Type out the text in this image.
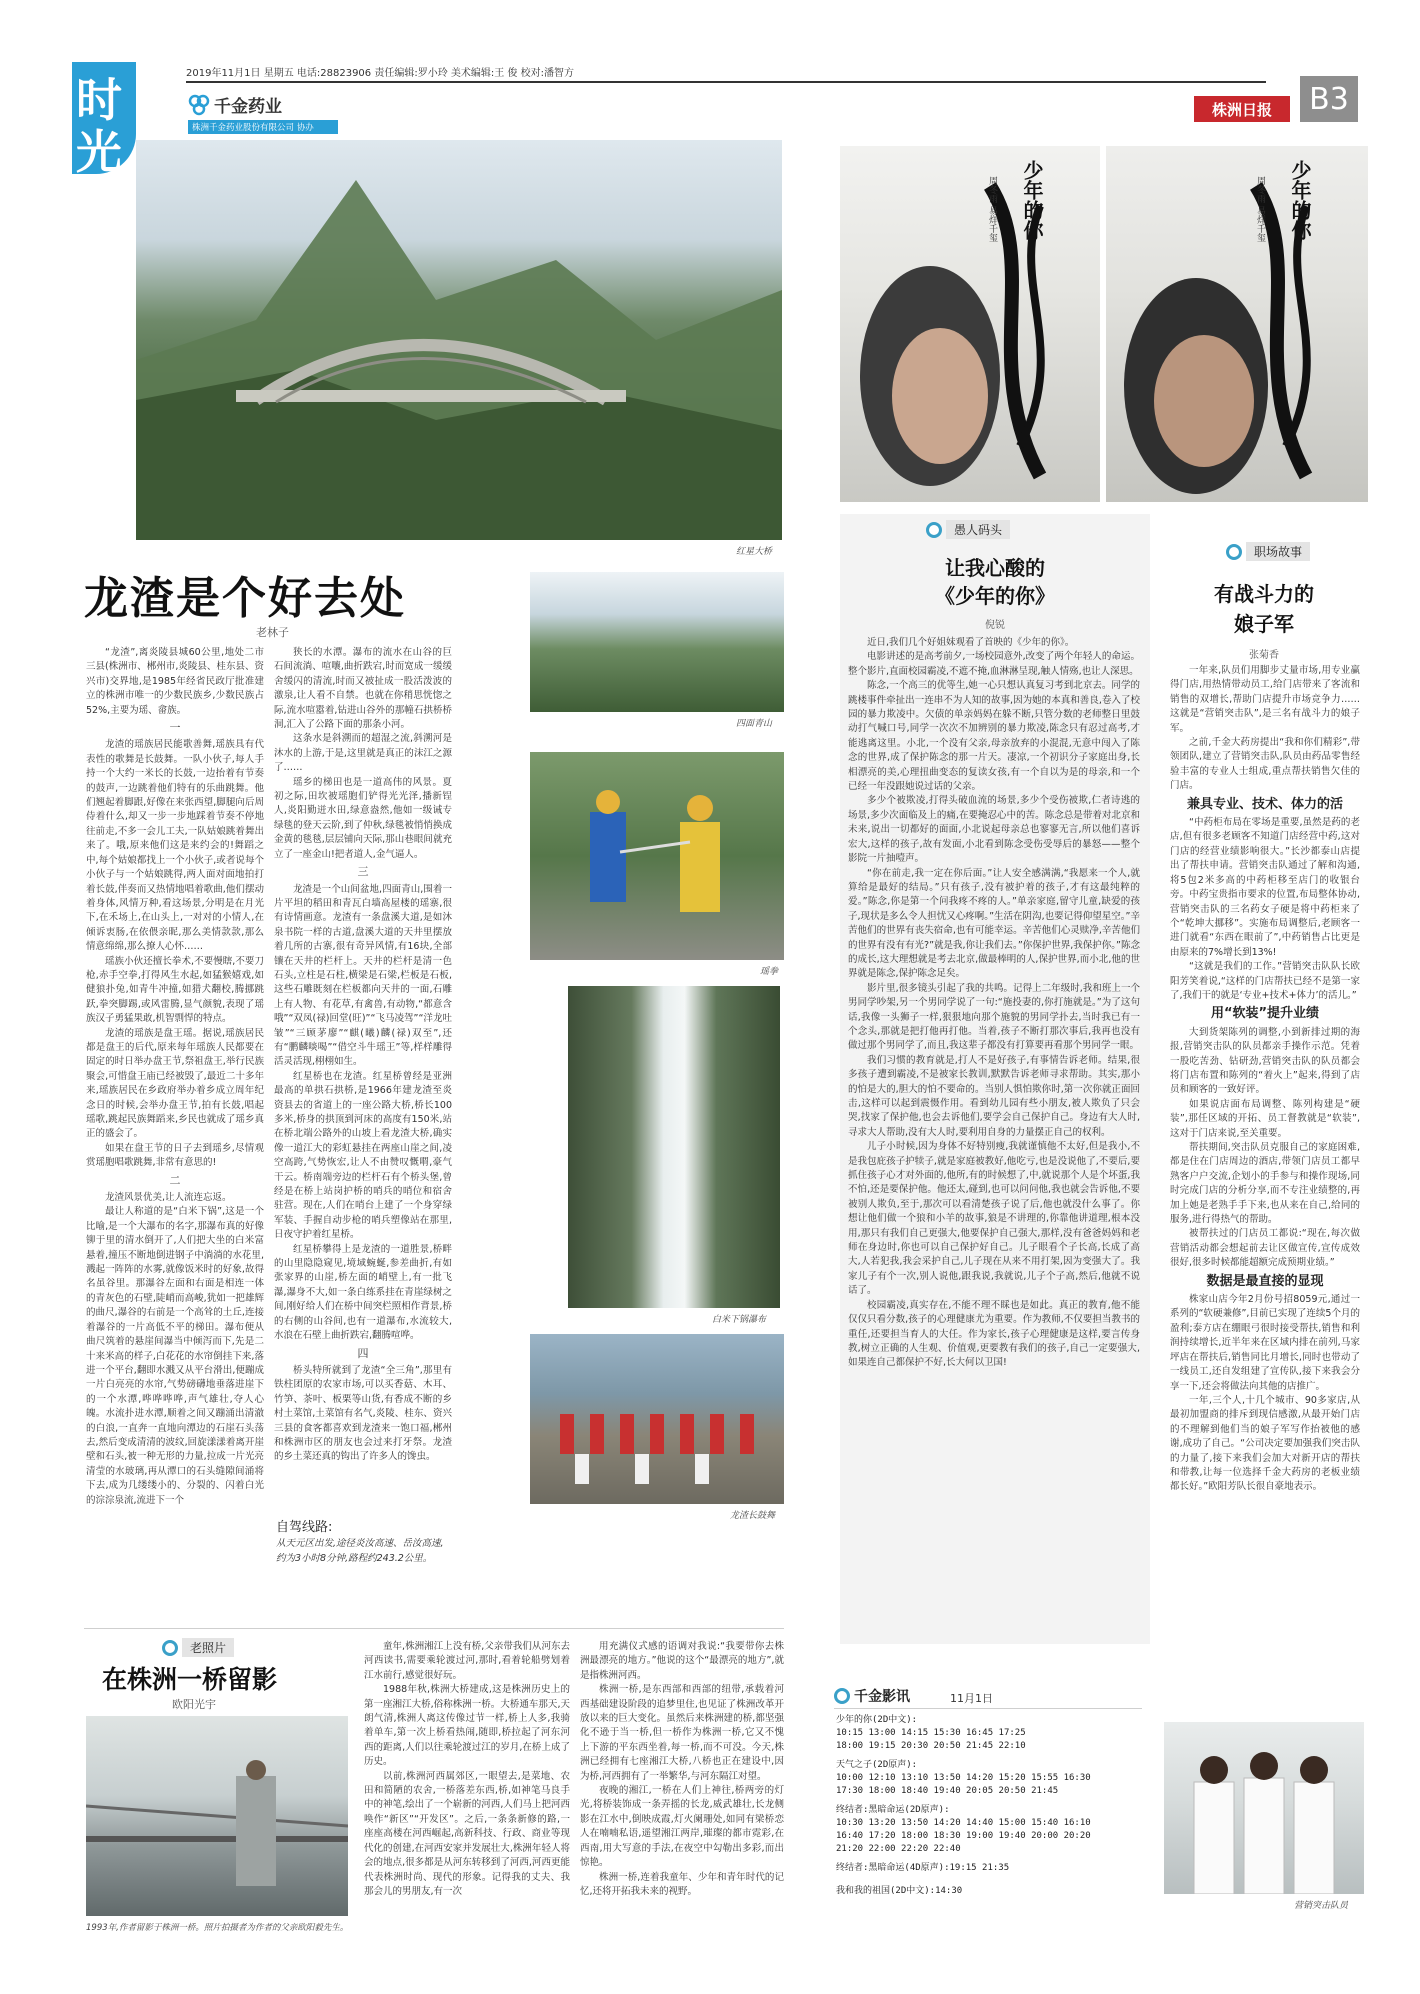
时
光
2019年11月1日 星期五 电话:28823906 责任编辑:罗小玲 美术编辑:王 俊 校对:潘智方
株洲日报	B3
千金药业
株洲千金药业股份有限公司 协办
红星大桥
龙渣是个好去处
老林子

“龙渣”,离炎陵县城60公里,地处二市三县(株洲市、郴州市,炎陵县、桂东县、资兴市)交界地,是1985年经省民政厅批准建立的株洲市唯一的少数民族乡,少数民族占52%,主要为瑶、畲族。

一

龙渣的瑶族居民能歌善舞,瑶族具有代表性的歌舞是长鼓舞。一队小伙子,每人手持一个大约一米长的长鼓,一边抬着有节奏的鼓声,一边跳着他们特有的乐曲跳舞。他们翘起着脚跟,好像在来张西望,脚腿向后周侍着什么,却又一步一步地踩着节奏不停地往前走,不多一会儿工夫,一队姑娘跳着舞出来了。哦,原来他们这是来约会的!舞蹈之中,每个姑娘都找上一个小伙子,或者说每个小伙子与一个姑娘跳得,两人面对面地拍打着长鼓,伴奏而又热情地唱着歌曲,他们摆动着身体,风情万种,看这场景,分明是在月光下,在禾场上,在山头上,一对对的小情人,在倾诉衷肠,在依偎亲昵,那么美情款款,那么情意绵绵,那么撩人心怀……

瑶族小伙还擅长拳术,不要慢瞎,不要刀枪,赤手空拳,打得风生水起,如猛猴嬉戏,如健狼扑兔,如青牛冲撞,如猎犬翻校,腾挪跳跃,拳突脚踢,或风雷腾,显气颜貌,表现了瑶族汉子勇猛果敢,机智剽悍的特点。

龙渣的瑶族是盘王瑶。据说,瑶族居民都是盘王的后代,原来每年瑶族人民都要在固定的时日举办盘王节,祭祖盘王,举行民族聚会,可惜盘王庙已经被毁了,最近二十多年来,瑶族居民在乡政府举办着乡成立周年纪念日的时候,会举办盘王节,拍有长鼓,唱起瑶歌,跳起民族舞蹈来,乡民也就成了瑶乡真正的盛会了。

如果在盘王节的日子去到瑶乡,尽情观赏瑶胞唱歌跳舞,非常有意思的!

二

龙渣风景优美,让人流连忘返。

最让人称道的是“白米下锅”,这是一个比喻,是一个大瀑布的名字,那瀑布真的好像铆于里的清水倒开了,人们把大坐的白米富悬着,撞压不断地倒进钢子中淌淌的水花里,溅起一阵阵的水雾,就像饭米时的好象,故得名虽谷里。那瀑谷左面和右面是相连一体的青灰色的石壁,陡峭而高峻,犹如一把雄辉的曲尺,瀑谷的右前是一个高耸的土丘,连接着瀑谷的一片高低不平的梯田。瀑布便从曲尺筑着的悬崖间瀑当中倾泻而下,先是二十来米高的样子,白花花的水帘倒挂下来,落进一个平台,翻即水溅又从平台滑出,便蹦成一片白亮亮的水帘,气势磅礴地垂落进崖下的一个水潭,哗哗哗哗,声气雄壮,夺人心魄。水流扑进水潭,顺着之间又蹦涌出清澈的白浪,一直奔一直地向潭边的石崖石头荡去,然后变成清清的波纹,回旋漾漾着离开崖壁和石头,被一种无形的力量,拉成一片光亮清莹的水玻璃,再从潭口的石头缝隙间涌将下去,成为几缕缕小的、分裂的、闪着白光的淙淙泉流,流进下一个

狭长的水潭。瀑布的流水在山谷的巨石间流淌、喧嚷,曲折跌宕,时而宽成一缓缓舍缓闪的清流,时而又被扯成一股活泼波的激泉,让人看不自禁。也就在你稍思恍惚之际,流水喧嚣着,钻进山谷外的那幢石拱桥桥洞,汇入了公路下面的那条小河。

这条水是斜溯而的超湿之流,斜溯河是沐水的上游,于是,这里就是真正的沫江之源了……

瑶乡的梯田也是一道高伟的风景。夏初之际,田坎被瑶胞们铲得光光泽,播新锃人,炎阳勤迸水田,绿意盎然,他如一级诫专绿毯的登天云阶,到了仲秋,绿毯被悄悄换成金黄的毯毯,层层铺向天际,那山巷眼间就充立了一座金山!把者道人,金气逼人。

三

龙渣是一个山间盆地,四面青山,围着一片平坦的稻田和青瓦白墙高屋楼的瑶寨,很有诗情画意。龙渣有一条盘溪大道,是如沐泉书院一样的古道,盘溪大道的天井里摆放着几所的古寨,很有奇异风情,有16块,全部镶在天井的栏杆上。天井的栏杆是清一色石头,立柱是石柱,横梁是石梁,栏板是石板,这些石雕既刻在栏板都向天井的一面,石雕上有人物、有花草,有禽兽,有动物,“都意含哦”“双凤(禄)回堂(旺)”“飞马凌驾”“洋龙吐皱”“三顾茅廖”“麒(曦)麟(禄)双至”,还有“鹏麟啖喝”“借空斗牛瑶王”等,样样雕得活灵活现,栩栩如生。

红星桥也在龙渣。红星桥曾经是亚洲最高的单拱石拱桥,是1966年建龙渣至炎资县去的省道上的一座公路大桥,桥长100多米,桥身的拱顶到河床的高度有150米,站在桥北端公路外的山坡上看龙渣大桥,确实像一道江大的彩虹悬挂在两座山崖之间,凌空高跨,气势恢宏,让人不由赞叹慨喟,豪气干云。桥南端旁边的栏杆石有个桥头堡,曾经是在桥上站岗护桥的哨兵的哨位和宿舍驻营。现在,人们在哨台上建了一个身穿绿军装、手握自动步枪的哨兵塑像站在那里,日夜守护着红星桥。

红星桥攀得上是龙渣的一道胜景,桥畔的山里隐隐窥见,境域蜿蜒,参差曲折,有如张家界的山崖,桥左面的峭壁上,有一批飞瀑,瀑身不大,如一条白练系挂在青崖绿树之间,刚好给人们在桥中间突栏照相作背景,桥的右侧的山谷间,也有一道瀑布,水流较大,水浪在石壁上曲折跌宕,翻腾喧哗。

四

桥头特所就到了龙渣“全三角”,那里有铁柱团原的农家市场,可以买香菇、木耳、竹笋、茶叶、板栗等山货,有香成不断的乡村土菜馆,土菜馆有名气,炎陵、桂东、资兴三县的食客都喜欢到龙渣来一饱口福,郴州和株洲市区的朋友也会过来打牙祭。龙渣的乡土菜还真的钩出了许多人的馋虫。

自驾线路:
从天元区出发,途径炎汝高速、岳汝高速,约为3小时8分钟,路程约243.2公里。
四面青山
瑶拳
白米下锅瀑布
龙渣长鼓舞
老照片
在株洲一桥留影
欧阳光宇
1993年,作者留影于株洲一桥。照片拍摄者为作者的父亲欧阳毅先生。

童年,株洲湘江上没有桥,父亲带我们从河东去河西读书,需要乘轮渡过河,那时,看着轮船劈划着江水前行,感觉很好玩。

1988年秋,株洲大桥建成,这是株洲历史上的第一座湘江大桥,俗称株洲一桥。大桥通车那天,天朗气清,株洲人离这传像过节一样,桥上人多,我骑着单车,第一次上桥看热闹,随即,桥拉起了河东河西的距离,人们以往乘轮渡过江的岁月,在桥上成了历史。

以前,株洲河西属郊区,一眼望去,是菜地、农田和简陋的农舍,一桥落差东西,桥,如神笔马良手中的神笔,绘出了一个崭新的河西,人们马上把河西唤作“新区”“开发区”。之后,一条条新修的路,一座座高楼在河西崛起,高新科技、行政、商业等现代化的创建,在河西安家并发展壮大,株洲年轻人将会的地点,很多都是从河东转移到了河西,河西更能代表株洲时尚、现代的形象。记得我的丈夫、我那会儿的男朋友,有一次

用充满仪式感的语调对我说:“我要带你去株洲最漂亮的地方。”他说的这个“最漂亮的地方”,就是指株洲河西。

株洲一桥,是东西部和西部的纽带,承载着河西基础建设阶段的追梦里住,也见证了株洲改革开放以来的巨大变化。虽然后来株洲建的桥,都坚强化不逊于当一桥,但一桥作为株洲一桥,它又不愧上下游的平东西坐着,每一桥,而不可没。今天,株洲已经拥有七座湘江大桥,八桥也正在建设中,因为桥,河西拥有了一举繁华,与河东隔江对望。

夜晚的湘江,一桥在人们上神往,桥两旁的灯光,将桥装饰成一条弄摇的长龙,威武雄壮,长龙侧影在江水中,倒映成霞,灯火阑珊处,如同有梁桥恋人在喃喃私语,遥望湘江两岸,璀璨的都市霓彩,在西南,用大写意的手法,在夜空中勾勒出多彩,而出惊艳。

株洲一桥,连着我童年、少年和青年时代的记忆,还将开拓我未来的视野。

少年的你
周冬雨 易烊千玺	少年的你
周冬雨 易烊千玺
愚人码头
让我心酸的
《少年的你》
倪锐

近日,我们几个好姐妹观看了首映的《少年的你》。

电影讲述的是高考前夕,一场校园意外,改变了两个年轻人的命运。整个影片,直面校园霸凌,不遮不掩,血淋淋呈现,触人情殇,也让人深思。

陈念,一个高三的优等生,她一心只想认真复习考到北京去。同学的跳楼事件牵扯出一连串不为人知的故事,因为她的本真和善良,卷入了校园的暴力欺凌中。欠债的单亲妈妈在躲不断,只管分数的老师整日里鼓动打气喊口号,同学一次次不加辨别的暴力欺凌,陈念只有忍过高考,才能逃离这里。小北,一个没有父亲,母亲放弃的小混混,无意中闯入了陈念的世界,成了保护陈念的那一片天。凄凉,一个初识分子家庭出身,长相漂亮的美,心理扭曲变态的复读女孩,有一个自以为是的母亲,和一个已经一年没跟她说过话的父亲。

多少个被欺凌,打得头破血流的场景,多少个受伤被欺,仁者诗逃的场景,多少次面临及上的痛,在要掩忍心中的苦。陈念总是带着对北京和未来,说出一切都好的面面,小北说起母亲总也寥寥无言,所以他们喜诉宏大,这样的孩子,故有发面,小北看到陈念受伤受辱后的暴怒——整个影院一片抽噎声。

“你在前走,我一定在你后面。”让人安全感满满,“我愿来一个人,就算给是最好的结局。”只有孩子,没有被护着的孩子,才有这最纯粹的爱。”陈念,你是第一个问我疼不疼的人。”单亲家庭,留守儿童,缺爱的孩子,现状是多么令人担忧又心疼啊。”生活在阴沟,也要记得仰望星空。”辛苦他们的世界有丧失宿命,也有可能幸运。辛苦他们心灵赎净,辛苦他们的世界有没有有光?”就是我,你让我们去。”你保护世界,我保护你。”陈念的成长,这大理想就是考去北京,做最棒明的人,保护世界,而小北,他的世界就是陈念,保护陈念足矣。

影片里,很多镜头引起了我的共鸣。记得上二年级时,我和班上一个男同学吵架,另一个男同学说了一句:“施投妻的,你打施就是。”为了这句话,我像一头狮子一样,狠狠地向那个施貌的男同学扑去,当时我已有一个念头,那就是把打他再打他。当着,孩子不断打那次事后,我再也没有做过那个男同学了,而且,我这辈子都没有打算要再看那个男同学一眼。

我们习惯的教育就是,打人不是好孩子,有事情告诉老师。结果,很多孩子遭到霸凌,不是被家长教训,默默告诉老师寻求帮助。其实,那小的怕是大的,胆大的怕不要命的。当别人惧怕欺你时,第一次你就正面回击,这样可以起到震慑作用。看到幼儿园有些小朋友,被人欺负了只会哭,找家了保护他,也会去诉他们,要学会自己保护自己。身边有大人时,寻求大人帮助,没有大人时,要利用自身的力量摆正自己的权利。

儿子小时候,因为身体不好特别瘦,我就谨慎他不太好,但是我小,不是我包庇孩子护犊子,就是家庭被教好,他吃亏,也是没说他了,不要后,要抓住孩子心才对外面的,他所,有的时候想了,中,就说那个人是个坏蛋,我不怕,还是要保护他。他还太,碰到,也可以问问他,我也就会告诉他,不要被别人欺负,至于,那次可以看清楚孩子说了后,他也就没什么事了。你想让他们做一个狼和小羊的故事,狼是不讲理的,你靠他讲道理,根本没用,那只有我们自己更强大,他要保护自己强大,那样,没有爸爸妈妈和老师在身边时,你也可以自己保护好自己。儿子眼看个子长高,长成了高大,人若犯我,我会采护自己,儿子现在从来不用打架,因为变强大了。我家儿子有个一次,别人说他,跟我说,我就说,儿子个子高,然后,他就不说话了。

校园霸凌,真实存在,不能不理不睬也是如此。真正的教育,他不能仅仅只看分数,孩子的心理健康尤为重要。作为教师,不仅要担当教书的重任,还要担当育人的大任。作为家长,孩子心理健康是这样,要言传身教,树立正确的人生观、价值观,更要教有我们的孩子,自己一定要强大,如果连自己都保护不好,长大何以卫国!

职场故事
有战斗力的
娘子军
张菊香

一年来,队员们用脚步丈量市场,用专业赢得门店,用热情带动员工,给门店带来了客流和销售的双增长,帮助门店提升市场竞争力……这就是“营销突击队”,是三名有战斗力的娘子军。

之前,千金大药房提出“我和你们精彩”,带领团队,建立了营销突击队,队员由药品零售经验丰富的专业人士组成,重点帮扶销售欠佳的门店。

兼具专业、技术、体力的活

“中药柜布局在零场是重要,虽然是药的老店,但有很多老顾客不知道门店经营中药,这对门店的经营业绩影响很大。”长沙都泰山店提出了帮扶申请。营销突击队通过了解和沟通,将5包2米多高的中药柜移至店门的收银台旁。中药宝贵指市要求的位置,布局整体协动,营销突击队的三名药女子硬是将中药柜来了个“乾坤大挪移”。实施布局调整后,老顾客一进门就看“东西在眼前了”,中药销售占比更是由原来的7%增长到13%!

“这就是我们的工作。”营销突击队队长欧阳芳笑着说,“这样的门店帮扶已经不是第一家了,我们干的就是‘专业+技术+体力’的活儿。”

用“软装”提升业绩

大到货架陈列的调整,小到新排过期的海报,营销突击队的队员都亲手操作示范。凭着一股吃苦劲、钻研劲,营销突击队的队员都会将门店布置和陈列的“着火上”起来,得到了店员和顾客的一致好评。

如果说店面布局调整、陈列构建是“硬装”,那任区域的开拓、员工督教就是“软装”,这对于门店来说,至关重要。

帮扶期间,突击队员克服自己的家庭困难,都是住在门店周边的酒店,带领门店员工都早熟客户户交流,企划小的手参与和操作现场,同时完成门店的分析分享,而不专注业绩整的,再加上她是老熟手手下来,也从来在自己,给同的服务,进行得热气的帮助。

被帮扶过的门店员工都说:“现在,每次做营销活动都会想起前去让区做宣传,宣传成效很好,很多时候都能超额完成预期业绩。”

数据是最直接的显现

株家山店今年2月份号招8059元,通过一系列的“软硬兼修”,目前已实现了连续5个月的盈利;泰方店在绷眼弓很时接受帮扶,销售和利润持续增长,近半年来在区域内排在前列,马家坪店在帮扶后,销售同比月增长,同时也带动了一线员工,还自发组建了宣传队,接下来我会分享一下,还会将做法向其他的店推广。

一年,三个人,十几个城市、90多家店,从最初加盟商的排斥到现信感激,从最开始门店的不理解到他们当的娘子军写作抬被他的感谢,成功了自己。“公司决定要加强我们突击队的力量了,接下来我们会加大对新开店的帮扶和带教,让每一位选择千金大药房的老板业绩都长好。”欧阳芳队长很自豪地表示。

千金影讯	11月1日
少年的你(2D中文):
10:15 13:00 14:15 15:30 16:45 17:25
18:00 19:15 20:30 20:50 21:45 22:10
天气之子(2D原声):
10:00 12:10 13:10 13:50 14:20 15:20 15:55 16:30
17:30 18:00 18:40 19:40 20:05 20:50 21:45
终结者:黑暗命运(2D原声):
10:30 13:20 13:50 14:20 14:40 15:00 15:40 16:10
16:40 17:20 18:00 18:30 19:00 19:40 20:00 20:20
21:20 22:00 22:20 22:40
终结者:黑暗命运(4D原声):19:15 21:35
我和我的祖国(2D中文):14:30
营销突击队员
